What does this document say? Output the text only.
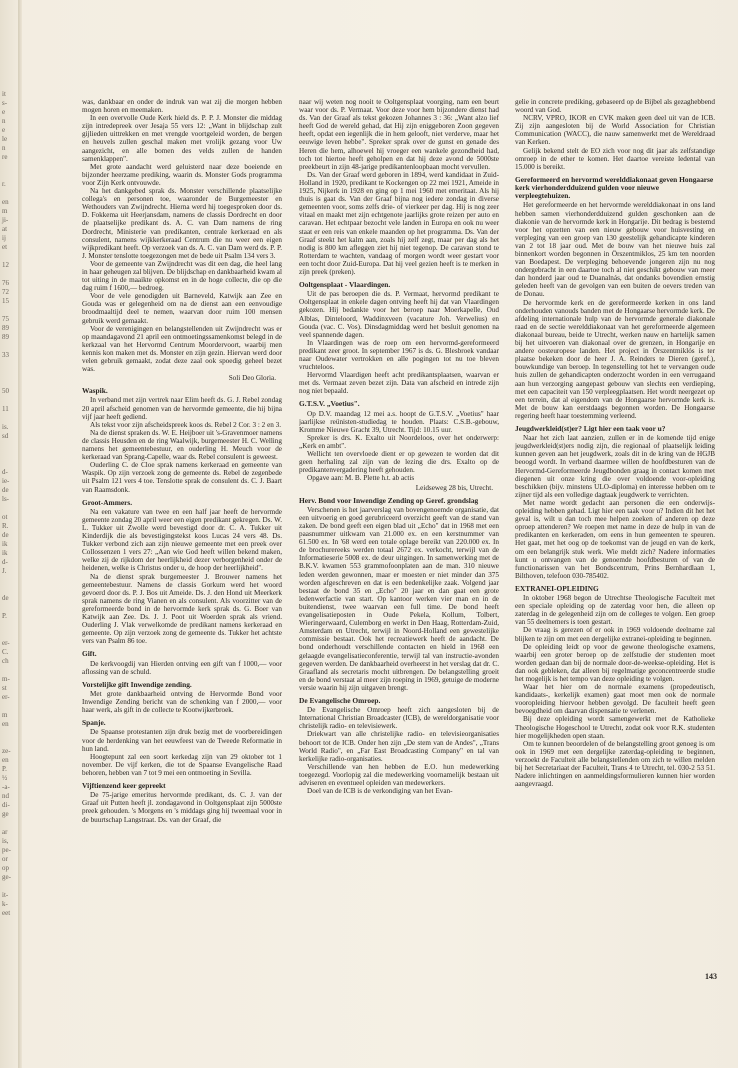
it
s-
e
n
e
le
n
re

r.

en
m
ji-
at
ij
et

12

76
72
15

75
89
89

33

50

11

is.
sd

d-
ie-
de
ls-

ot
R.
de
ik
ik
d-
J.

de

P.

er-
C.
ch

m-
st
er-

m
en

ze-
en
P.
½
-a-
nd
di-
ge

ar
is,
pe-
or
op
ge-

it-
k-
eet

was, dankbaar en onder de indruk van wat zij die morgen hebben mogen horen en meemaken.

In een overvolle Oude Kerk hield ds. P. P. J. Monster die middag zijn intredepreek over Jesaja 55 vers 12: „Want in blijdschap zult gijlieden uittrekken en met vrengde voortgeleid worden, de bergen en heuvels zullen geschal maken met vrolijk gezang voor Uw aangezicht, en alle bomen des velds zullen de handen samenklappen".

Met grote aandacht werd geluisterd naar deze boeiende en bijzonder heerzame prediking, waarin ds. Monster Gods programma voor Zijn Kerk ontvouwde.

Na het dankgebed sprak ds. Monster verschillende plaatselijke collega's en personen toe, waaronder de Burgemeester en Wethouders van Zwijndrecht. Hierna werd hij toegesproken door ds. D. Fokkema uit Heerjansdam, namens de classis Dordrecht en door de plaatselijke predikant ds. A. C. van Dam namens de ring Dordrecht, Ministerie van predikanten, centrale kerkeraad en als consulent, namens wijkkerkeraad Centrum die nu weer een eigen wijkpredikant heeft. Op verzoek van ds. A. C. van Dam werd ds. P. P. J. Monster tenslotte toegezongen met de bede uit Psalm 134 vers 3.

Voor de gemeente van Zwijndrecht was dit een dag, die heel lang in haar geheugen zal blijven. De blijdschap en dankbaarheid kwam al tot uiting in de maaikte opkomst en in de hoge collecte, die op die dag ruim f 1600,— bedroeg.

Voor de vele genodigden uit Barneveld, Katwijk aan Zee en Gouda was er gelegenheid om na de dienst aan een eenvoudige broodmaaltijd deel te nemen, waarvan door ruim 100 mensen gebruik werd gemaakt.

Voor de verenigingen en belangstellenden uit Zwijndrecht was er op maandagavond 21 april een ontmoetingssamenkomst belegd in de kerkzaal van het Hervormd Centrum Moordervoort, waarbij men kennis kon maken met ds. Monster en zijn gezin. Hiervan werd door velen gebruik gemaakt, zodat deze zaal ook spoedig geheel bezet was.

Soli Deo Gloria.

Waspik.

In verband met zijn vertrek naar Elim heeft ds. G. J. Rebel zondag 20 april afscheid genomen van de hervormde gemeente, die hij bijna vijf jaar heeft gediend.

Als tekst voor zijn afscheidspreek koos ds. Rebel 2 Cor. 3 : 2 en 3.

Na de dienst spraken ds. W. E. Heijboer uit 's-Gravenmoer namens de classis Heusden en de ring Waalwijk, burgemeester H. C. Welling namens het gemeentebestuur, en ouderling H. Meuch voor de kerkeraad van Sprang-Capelle, waar ds. Rebel consulent is geweest.

Ouderling C. de Cloe sprak namens kerkeraad en gemeente van Waspik. Op zijn verzoek zong de gemeente ds. Rebel de zegenbede uit Psalm 121 vers 4 toe. Tenslotte sprak de consulent ds. C. J. Baart van Raamsdonk.

Groot-Ammers.

Na een vakature van twee en een half jaar heeft de hervormde gemeente zondag 20 april weer een eigen predikant gekregen. Ds. W. L. Tukker uit Zwolle werd bevestigd door dr. C. A. Tukker uit Kinderdijk die als bevestigingstekst koos Lucas 24 vers 48. Ds. Tukker verbond zich aan zijn nieuwe gemeente met een preek over Collossenzen 1 vers 27: „Aan wie God heeft willen bekend maken, welke zij de rijkdom der heerlijkheid dezer verborgenheid onder de heidenen, welke is Christus onder u, de hoop der heerlijkheid".

Na de dienst sprak burgemeester J. Brouwer namens het gemeentebestuur. Namens de classis Gorkum werd het woord gevoerd door ds. P. J. Bos uit Ameide. Ds. J. den Hond uit Meerkerk sprak namens de ring Vianen en als consulent. Als voorzitter van de gereformeerde bond in de hervormde kerk sprak ds. G. Boer van Katwijk aan Zee. Ds. J. J. Poot uit Woerden sprak als vriend. Ouderling J. Vlak verwelkomde de predikant namens kerkeraad en gemeente. Op zijn verzoek zong de gemeente ds. Tukker het achtste vers van Psalm 86 toe.

Gift.

De kerkvoogdij van Hierden ontving een gift van f 1000,— voor aflossing van de schuld.

Vorstelijke gift Inwendige zending.

Met grote dankbaarheid ontving de Hervormde Bond voor Inwendige Zending bericht van de schenking van f 2000,— voor haar werk, als gift in de collecte te Kootwijkerbroek.

Spanje.

De Spaanse protestanten zijn druk bezig met de voorbereidingen voor de herdenking van het eeuwfeest van de Tweede Reformatie in hun land.

Hoogtepunt zal een soort kerkedag zijn van 29 oktober tot 1 november. De vijf kerken, die tot de Spaanse Evangelische Raad behoren, hebben van 7 tot 9 mei een ontmoeting in Sevilla.

Vijftienzend keer gepreekt

De 75-jarige emeritus hervormde predikant, ds. C. J. van der Graaf uit Putten heeft jl. zondagavond in Ooltgensplaat zijn 5000ste preek gehouden. 's Morgens en 's middags ging hij tweemaal voor in de buurtschap Langstraat. Ds. van der Graaf, die

naar wij weten nog nooit te Ooltgensplaat voorging, nam een beurt waar voor ds. P. Vermaat. Voor deze voor hem bijzondere dienst had ds. Van der Graaf als tekst gekozen Johannes 3 : 36: „Want alzo lief heeft God de wereld gehad, dat Hij zijn eniggeboren Zoon gegeven heeft, opdat een iegenlijk die in hem gelooft, niet verderve, maar het eeuwige leven hebbe". Spreker sprak over de gunst en genade des Heren die hem, alhoewel hij vroeger een wankele gezondheid had, toch tot hiertoe heeft geholpen en dat hij deze avond de 5000ste preekbeurt in zijn 48-jarige predikantenloopbaan mocht vervullen.

Ds. Van der Graaf werd geboren in 1894, werd kandidaat in Zuid-Holland in 1920, predikant te Kockengen op 22 mei 1921, Ameide in 1925, Nijkerk in 1928 en ging op 1 mei 1960 met emeritaat. Als hij thuis is gaat ds. Van der Graaf bijna nog iedere zondag in diverse gemeenten voor, soms zelfs drie- of vierkeer per dag. Hij is nog zeer vitaal en maakt met zijn echtgenote jaarlijks grote reizen per auto en caravan. Het echtpaar bezocht vele landen in Europa en ook nu weer staat er een reis van enkele maanden op het programma. Ds. Van der Graaf steekt het kalm aan, zoals hij zelf zegt, maar per dag als het nodig is 800 km afleggen ziet hij niet tegenop. De caravan stond te Rotterdam te wachten, vandaag of morgen wordt weer gestart voor een tocht door Zuid-Europa. Dat hij veel gezien heeft is te merken in zijn preek (preken).

Ooltgensplaat - Vlaardingen.

Uit de pas beroepen die ds. P. Vermaat, hervormd predikant te Ooltgensplaat in enkele dagen ontving heeft hij dat van Vlaardingen gekozen. Hij bedankte voor het beroep naar Moerkapelle, Oud Alblas, Dinteloord, Waddinxveen (vacature Joh. Verwelius) en Gouda (vac. C. Vos). Dinsdagmiddag werd het besluit genomen na veel spannende dagen.

In Vlaardingen was de roep om een hervormd-gereformeerd predikant zeer groot. In september 1967 is ds. G. Blesbroek vandaar naar Oudewater vertrokken en alle pogingen tot nu toe bleven vruchteloos.

Hervormd Vlaardigen heeft acht predikantsplaatsen, waarvan er met ds. Vermaat zeven bezet zijn. Data van afscheid en intrede zijn nog niet bepaald.

G.T.S.V. „Voetius".

Op D.V. maandag 12 mei a.s. hoopt de G.T.S.V. „Voetius" haar jaarlijkse reünisten-studiedag te houden. Plaats: C.S.B.-gebouw, Kromme Nieuwe Gracht 39, Utrecht. Tijd: 10.15 uur.

Spreker is drs. K. Exalto uit Noordeloos, over het onderwerp: „Kerk en ambt".

Wellicht ten overvloede dient er op gewezen te worden dat dit geen herhaling zal zijn van de lezing die drs. Exalto op de predikantenvergadering heeft gehouden.

Opgave aan: M. B. Plette h.t. ab actis

Leidseweg 28 bis, Utrecht.

Herv. Bond voor Inwendige Zending op Geref. grondslag

Verschenen is het jaarverslag van bovengenoemde organisatie, dat een uitvoerig en goed gerubriceerd overzicht geeft van de stand van zaken. De bond geeft een eigen blad uit „Echo" dat in 1968 met een paasnummer uitkwam van 21.000 ex. en een kerstnummer van 61.500 ex. In '68 werd een totale oplage bereikt van 220.000 ex. In de brochurereeks werden totaal 2672 ex. verkocht, terwijl van de Informatieserie 5008 ex. de deur uitgingen. In samenwerking met de B.K.V. kwamen 553 grammofoonplaten aan de man. 310 nieuwe leden werden gewonnen, maar er moesten er niet minder dan 375 worden afgeschreven en dat is een bedenkelijke zaak. Volgend jaar bestaat de bond 35 en „Echo" 20 jaar en dan gaat een grote ledenwerfactie van start. Op kantoor werken vier man en in de buitendienst, twee waarvan een full time. De bond heeft evangelisatieposten in Oude Pekela, Kollum, Tolbert, Wieringerwaard, Culemborg en werkt in Den Haag, Rotterdam-Zuid, Amsterdam en Utrecht, terwijl in Noord-Holland een gewestelijke commissie bestaat. Ook het recreatiewerk heeft de aandacht. De bond onderhoudt verschillende contacten en hield in 1968 een gelaagde evangelisatieconferentie, terwijl tal van instructie-avonden gegeven werden. De dankbaarheid overheerst in het verslag dat dr. C. Graafland als secretaris mocht uitbrengen. De belangstelling groeit en de bond verstaat al meer zijn roeping in 1969, getuige de moderne versie waarin hij zijn uitgaven brengt.

De Evangelische Omroep.

De Evangelische Omroep heeft zich aangesloten bij de International Christian Broadcaster (ICB), de wereldorganisatie voor christelijk radio- en televisiewerk.

Driekwart van alle christelijke radio- en televisieorganisaties behoort tot de ICB. Onder hen zijn „De stem van de Andes", „Trans World Radio", en „Far East Broadcasting Company" en tal van kerkelijke radio-organisaties.

Verschillende van hen hebben de E.O. hun medewerking toegezegd. Voorlopig zal die medewerking voornamelijk bestaan uit adviseren en eventueel opleiden van medewerkers.

Doel van de ICB is de verkondiging van het Evan-

gelie in concrete prediking, gebaseerd op de Bijbel als gezaghebbend woord van God.

NCRV, VPRO, IKOR en CVK maken geen deel uit van de ICB. Zij zijn aangesloten bij de World Association for Christian Communication (WACC), die nauw samenwerkt met de Wereldraad van Kerken.

Gelijk bekend stelt de EO zich voor nog dit jaar als zelfstandige omroep in de ether te komen. Het daartoe vereiste ledental van 15.000 is bereikt.

Gereformeerd en hervormd werelddiakonaat geven Hongaarse kerk vierhonderdduizend gulden voor nieuwe verpleegtehuizen.

Het gereformeerde en het hervormde werelddiakonaat in ons land hebben samen vierhonderdduizend gulden geschonken aan de diakonie van de hervormde kerk in Hongarije. Dit bedrag is bestemd voor het opzetten van een nieuw gebouw voor huisvesting en verpleging van een groep van 130 geestelijk gehandicapte kinderen van 2 tot 18 jaar oud. Met de bouw van het nieuwe huis zal binnenkort worden begonnen in Örszentmiklos, 25 km ten noorden van Boedapest. De verpleging behoevende jongeren zijn nu nog ondergebracht in een daartoe toch al niet geschikt gebouw van meer dan honderd jaar oud te Duanalnás, dat ondanks bovendien ernstig geleden heeft van de gevolgen van een buiten de oevers treden van de Donau.

De hervormde kerk en de gereformeerde kerken in ons land onderhouden vanouds banden met de Hongaarse hervormde kerk. De afdeling internationale hulp van de hervormde generale diakonale raad en de sectie werelddiakonaat van het gereformeerde algemeen diakonaal bureau, beide te Utrecht, werken nauw en hartelijk samen bij het uitvoeren van diakonaal over de grenzen, in Hongarije en andere oosteuropese landen. Het project in Örszentmiklós is ter plaatse bekeken door de heer J. A. Reinders te Dieren (geref.), bouwkundige van beroep. In tegenstelling tot het te vervangen oude huis zullen de gehandicapten onderzocht worden in een verrugaand aan hun verzorging aangepast gebouw van slechts een verdieping, met een capaciteit van 150 verpleegplaatsen. Het wordt neergezet op een terrein, dat al eigendom van de Hongaarse hervormde kerk is. Met de bouw kan eerstdaags begonnen worden. De Hongaarse regering heeft haar toestemming verleend.

Jeugdwerkleid(st)er? Ligt hier een taak voor u?

Naar het zich laat aanzien, zullen er in de komende tijd enige jeugdwerkleid(st)ers nodig zijn, die regionaal of plaatselijk leiding kunnen geven aan het jeugdwerk, zoals dit in de kring van de HGJB beoogd wordt. In verband daarmee willen de hoofdbesturen van de Hervormd-Gereformeerde Jeugdbonden graag in contact komen met diegenen uit onze kring die over voldoende voor-opleiding beschikken (bijv. minstens ULO-diploma) en interesse hebben om te zijner tijd als een volledige dagtaak jeugdwerk te verrichten.

Met name wordt gedacht aan personen die een onderwijs-opleiding hebben gehad. Ligt hier een taak voor u? Indien dit het het geval is, wilt u dan toch mee helpen zoeken of anderen op deze oproep attenderen? We roepen met name in deze de hulp in van de predikanten en kerkeraden, om eens in hun gemeenten te speuren. Het gaat, met het oog op de toekomst van de jeugd en van de kerk, om een belangrijk stuk werk. Wie meldt zich? Nadere informaties kunt u ontvangen van de genoemde hoofdbesturen of van de functionarissen van het Bondscentrum, Prins Bernhardlaan 1, Bilthoven, telefoon 030-785402.

EXTRANEI-OPLEIDING

In oktober 1968 begon de Utrechtse Theologische Faculteit met een speciale opleiding op de zaterdag voor hen, die alleen op zaterdag in de gelegenheid zijn om de colleges te volgen. Een groep van 55 deelnemers is toen gestart.

De vraag is gerezen of er ook in 1969 voldoende deelname zal blijken te zijn om met een dergelijke extranei-opleiding te beginnen.

De opleiding leidt op voor de gewone theologische examens, waarbij een groter beroep op de zelfstudie der studenten moet worden gedaan dan bij de normale door-de-weekse-opleiding. Het is dan ook gebleken, dat alleen bij regelmatige geconcentreerde studie het mogelijk is het tempo van deze opleiding te volgen.

Waar het hier om de normale examens (propedeutisch, kandidaats-, kerkelijk examen) gaat moet men ook de normale vooropleiding hiervoor hebben gevolgd. De faculteit heeft geen bevoegdheid om daarvan dispensatie te verlenen.

Bij deze opleiding wordt samengewerkt met de Katholieke Theologische Hogeschool te Utrecht, zodat ook voor R.K. studenten hier mogelijkheden open staan.

Om te kunnen beoordelen of de belangstelling groot genoeg is om ook in 1969 met een dergelijke zaterdag-opleiding te beginnen, verzoekt de Faculteit alle belangstellenden om zich te willen melden bij het Secretariaat der Faculteit, Trans 4 te Utrecht, tel. 030-2 53 51. Nadere inlichtingen en aanmeldingsformulieren kunnen hier worden aangevraagd.

143
